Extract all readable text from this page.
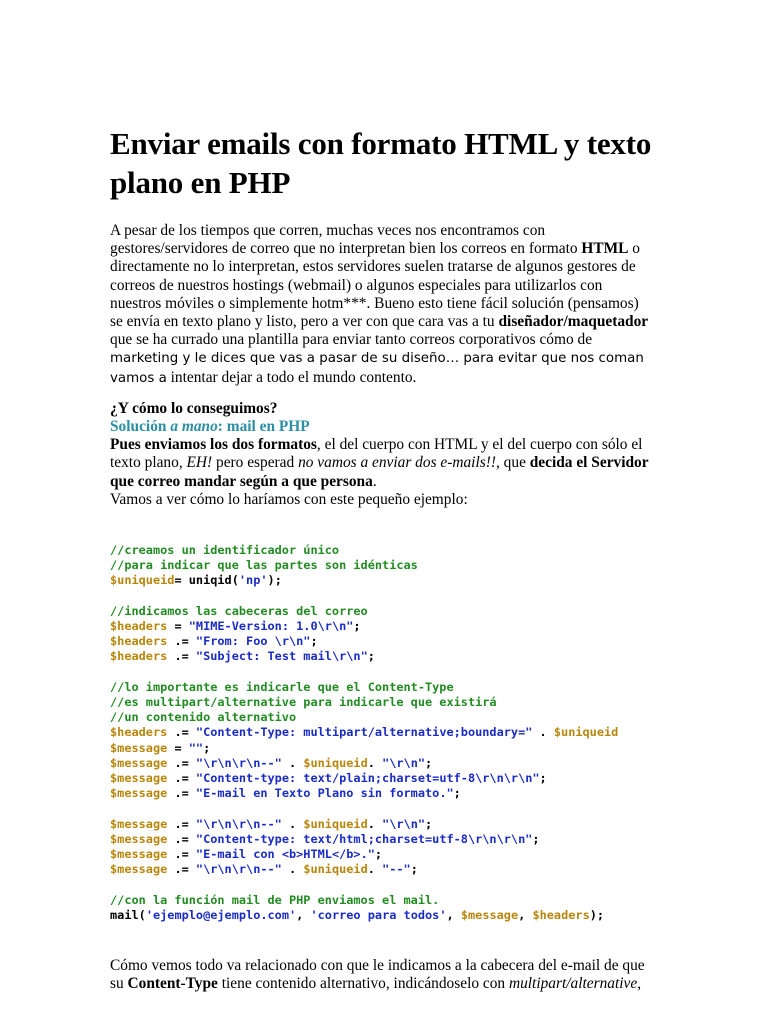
Enviar emails con formato HTML y texto plano en PHP

A pesar de los tiempos que corren, muchas veces nos encontramos con gestores/servidores de correo que no interpretan bien los correos en formato HTML o directamente no lo interpretan, estos servidores suelen tratarse de algunos gestores de correos de nuestros hostings (webmail) o algunos especiales para utilizarlos con nuestros móviles o simplemente hotm***. Bueno esto tiene fácil solución (pensamos) se envía en texto plano y listo, pero a ver con que cara vas a tu diseñador/maquetador que se ha currado una plantilla para enviar tanto correos corporativos cómo de marketing y le dices que vas a pasar de su diseño… para evitar que nos coman vamos a intentar dejar a todo el mundo contento.

¿Y cómo lo conseguimos?

Solución a mano: mail en PHP

Pues enviamos los dos formatos, el del cuerpo con HTML y el del cuerpo con sólo el texto plano, EH! pero esperad no vamos a enviar dos e-mails!!, que decida el Servidor que correo mandar según a que persona.

Vamos a ver cómo lo haríamos con este pequeño ejemplo:

//creamos un identificador único
//para indicar que las partes son idénticas
$uniqueid= uniqid('np');

//indicamos las cabeceras del correo
$headers = "MIME-Version: 1.0\r\n";
$headers .= "From: Foo \r\n";
$headers .= "Subject: Test mail\r\n";

//lo importante es indicarle que el Content-Type
//es multipart/alternative para indicarle que existirá
//un contenido alternativo
$headers .= "Content-Type: multipart/alternative;boundary=" . $uniqueid
$message = "";
$message .= "\r\n\r\n--" . $uniqueid. "\r\n";
$message .= "Content-type: text/plain;charset=utf-8\r\n\r\n";
$message .= "E-mail en Texto Plano sin formato.";

$message .= "\r\n\r\n--" . $uniqueid. "\r\n";
$message .= "Content-type: text/html;charset=utf-8\r\n\r\n";
$message .= "E-mail con <b>HTML</b>.";
$message .= "\r\n\r\n--" . $uniqueid. "--";

//con la función mail de PHP enviamos el mail.
mail('ejemplo@ejemplo.com', 'correo para todos', $message, $headers);

Cómo vemos todo va relacionado con que le indicamos a la cabecera del e-mail de que su Content-Type tiene contenido alternativo, indicándoselo con multipart/alternative,
